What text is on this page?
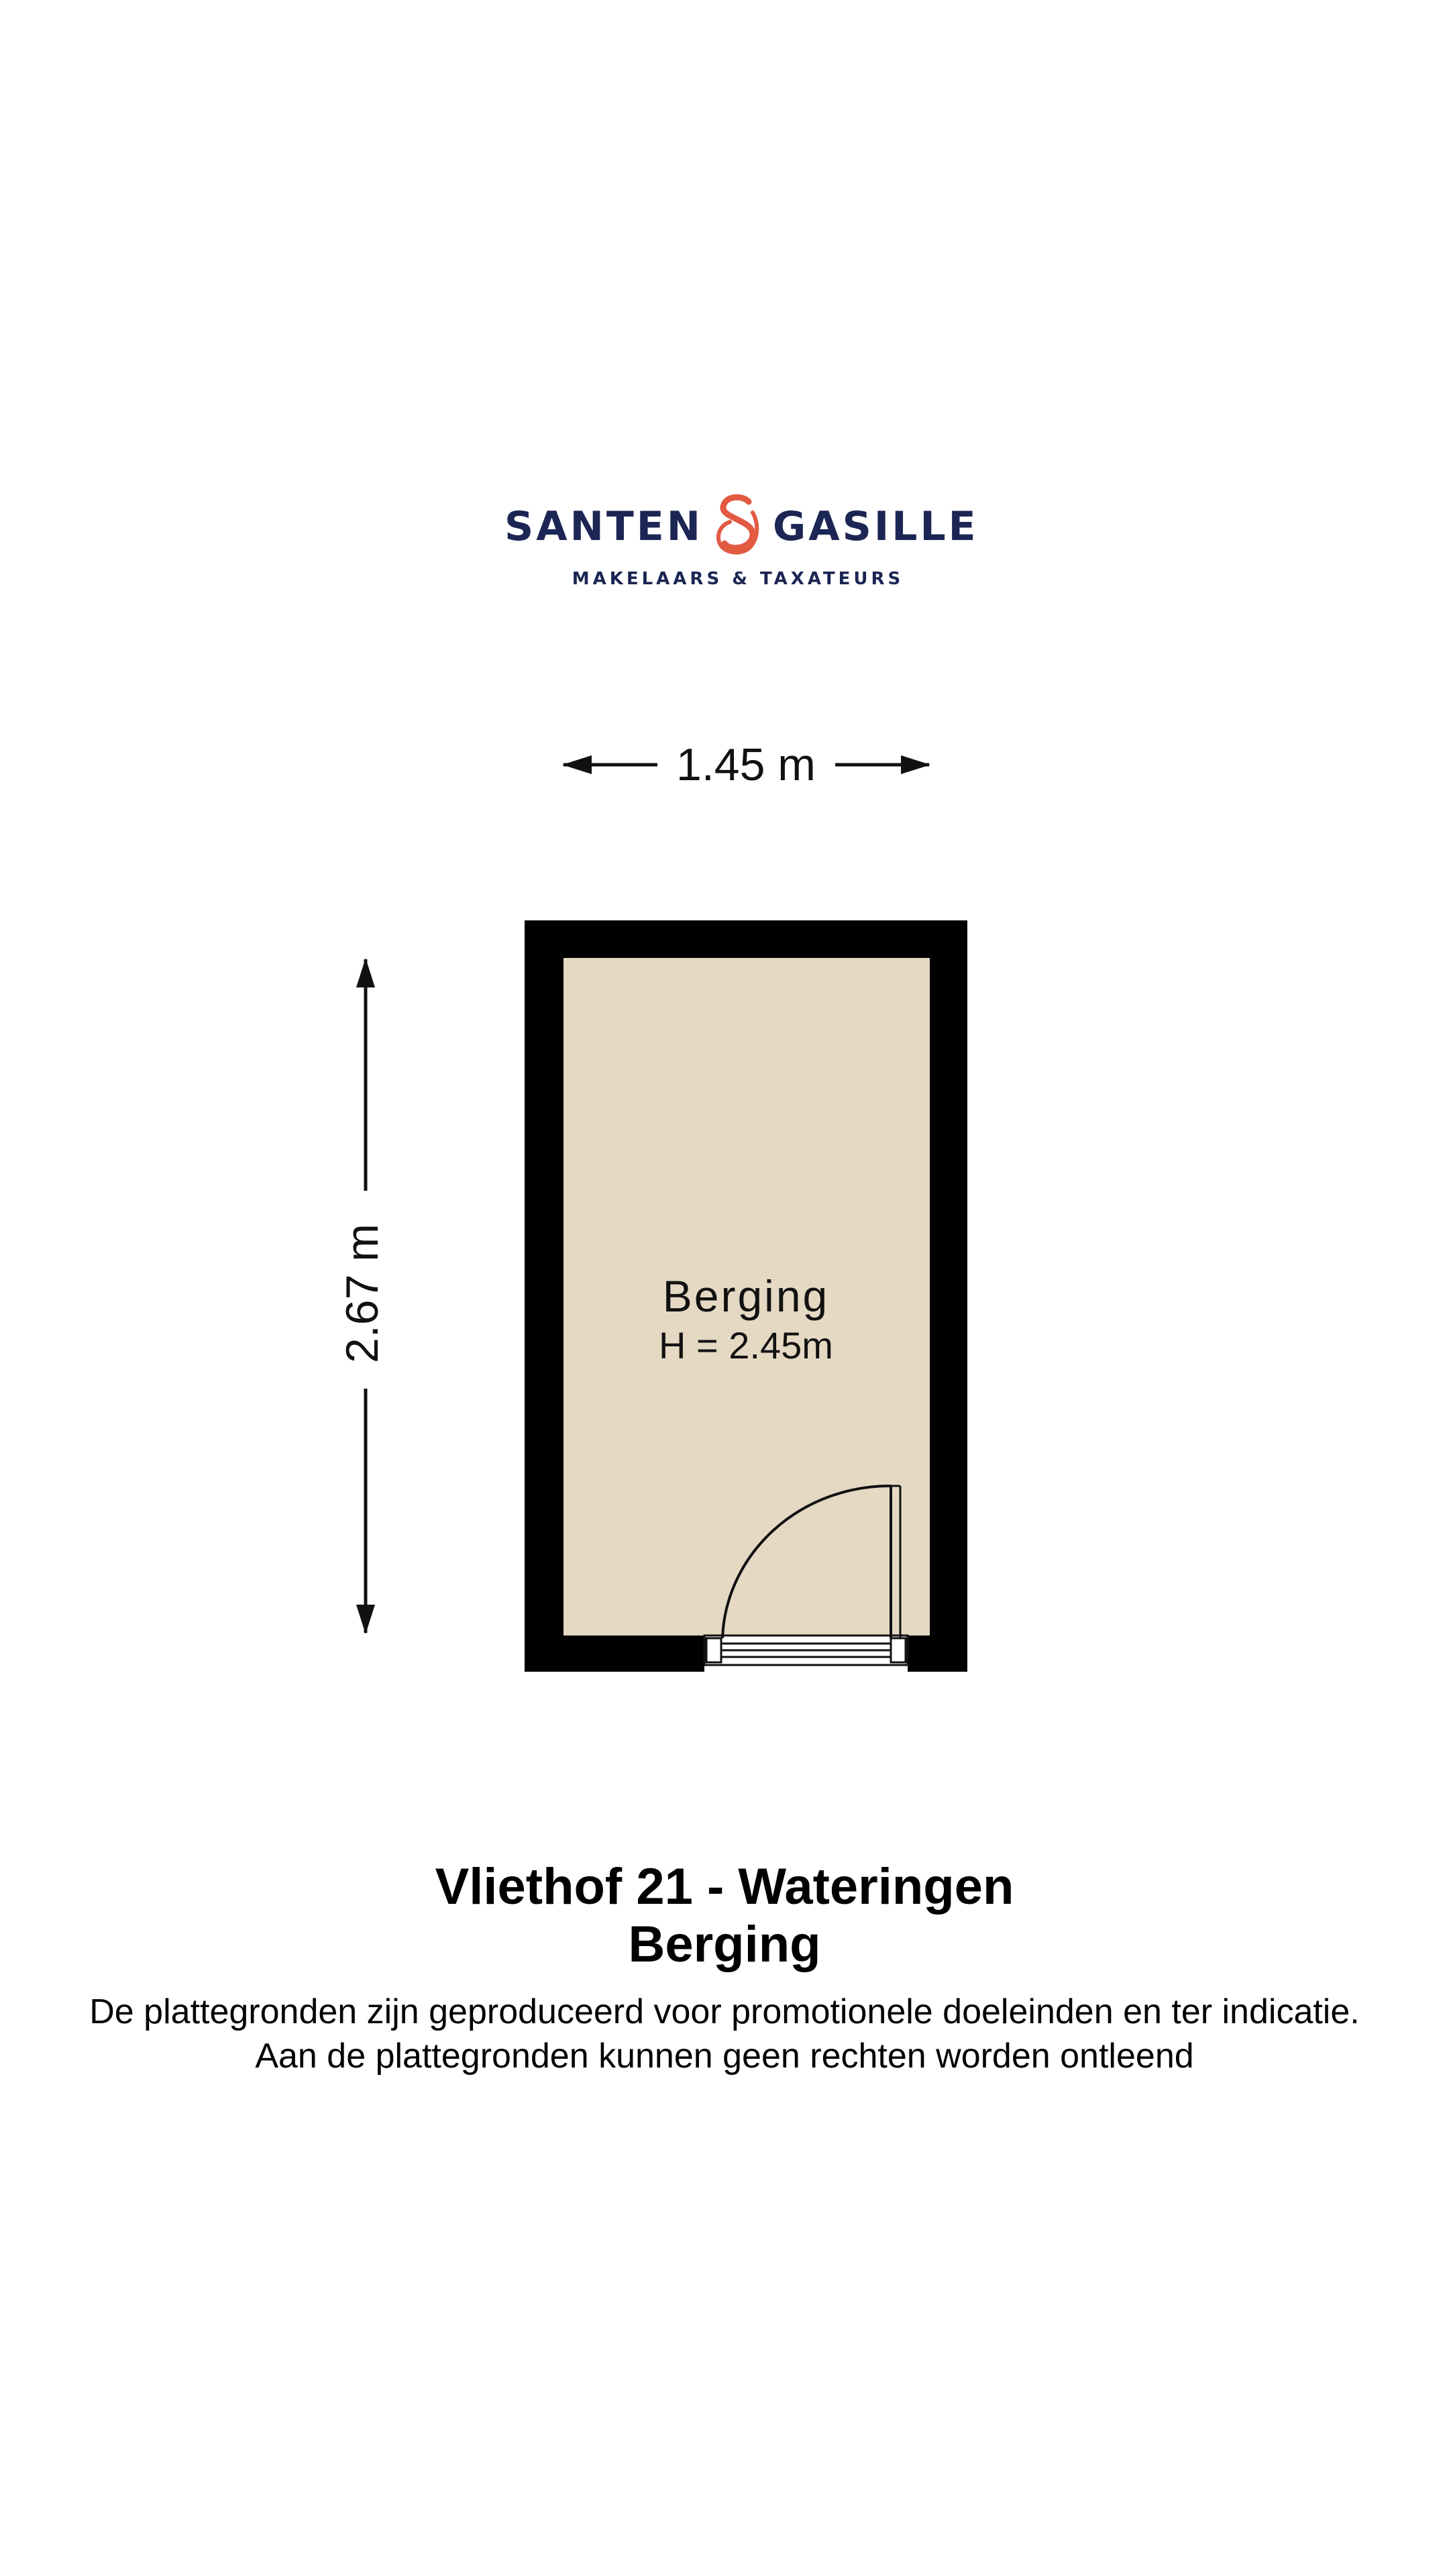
SANTEN GASILLE
MAKELAARS & TAXATEURS
1.45 m
2.67 m	Berging
H = 2.45m

Vliethof 21 - Wateringen

Berging

De plattegronden zijn geproduceerd voor promotionele doeleinden en ter indicatie.

Aan de plattegronden kunnen geen rechten worden ontleend
